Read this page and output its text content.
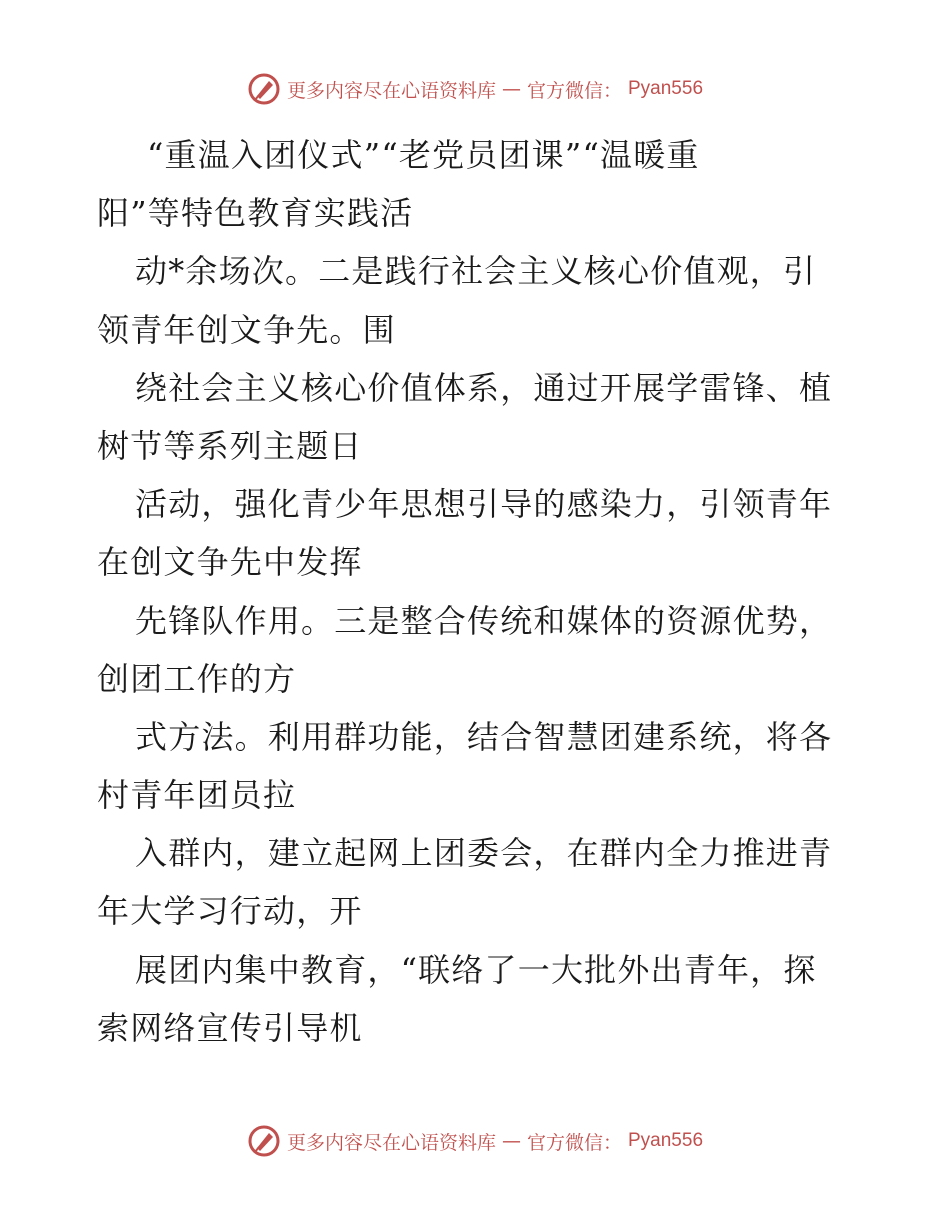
更多内容尽在心语资料库 — 官方微信： Pyan556
“重温入团仪式”“老党员团课”“温暖重
阳”等特色教育实践活
动*余场次。二是践行社会主义核心价值观，引
领青年创文争先。围
绕社会主义核心价值体系，通过开展学雷锋、植
树节等系列主题日
活动，强化青少年思想引导的感染力，引领青年
在创文争先中发挥
先锋队作用。三是整合传统和媒体的资源优势，
创团工作的方
式方法。利用群功能，结合智慧团建系统，将各
村青年团员拉
入群内，建立起网上团委会，在群内全力推进青
年大学习行动，开
展团内集中教育，“联络了一大批外出青年，探
索网络宣传引导机
更多内容尽在心语资料库 — 官方微信： Pyan556
